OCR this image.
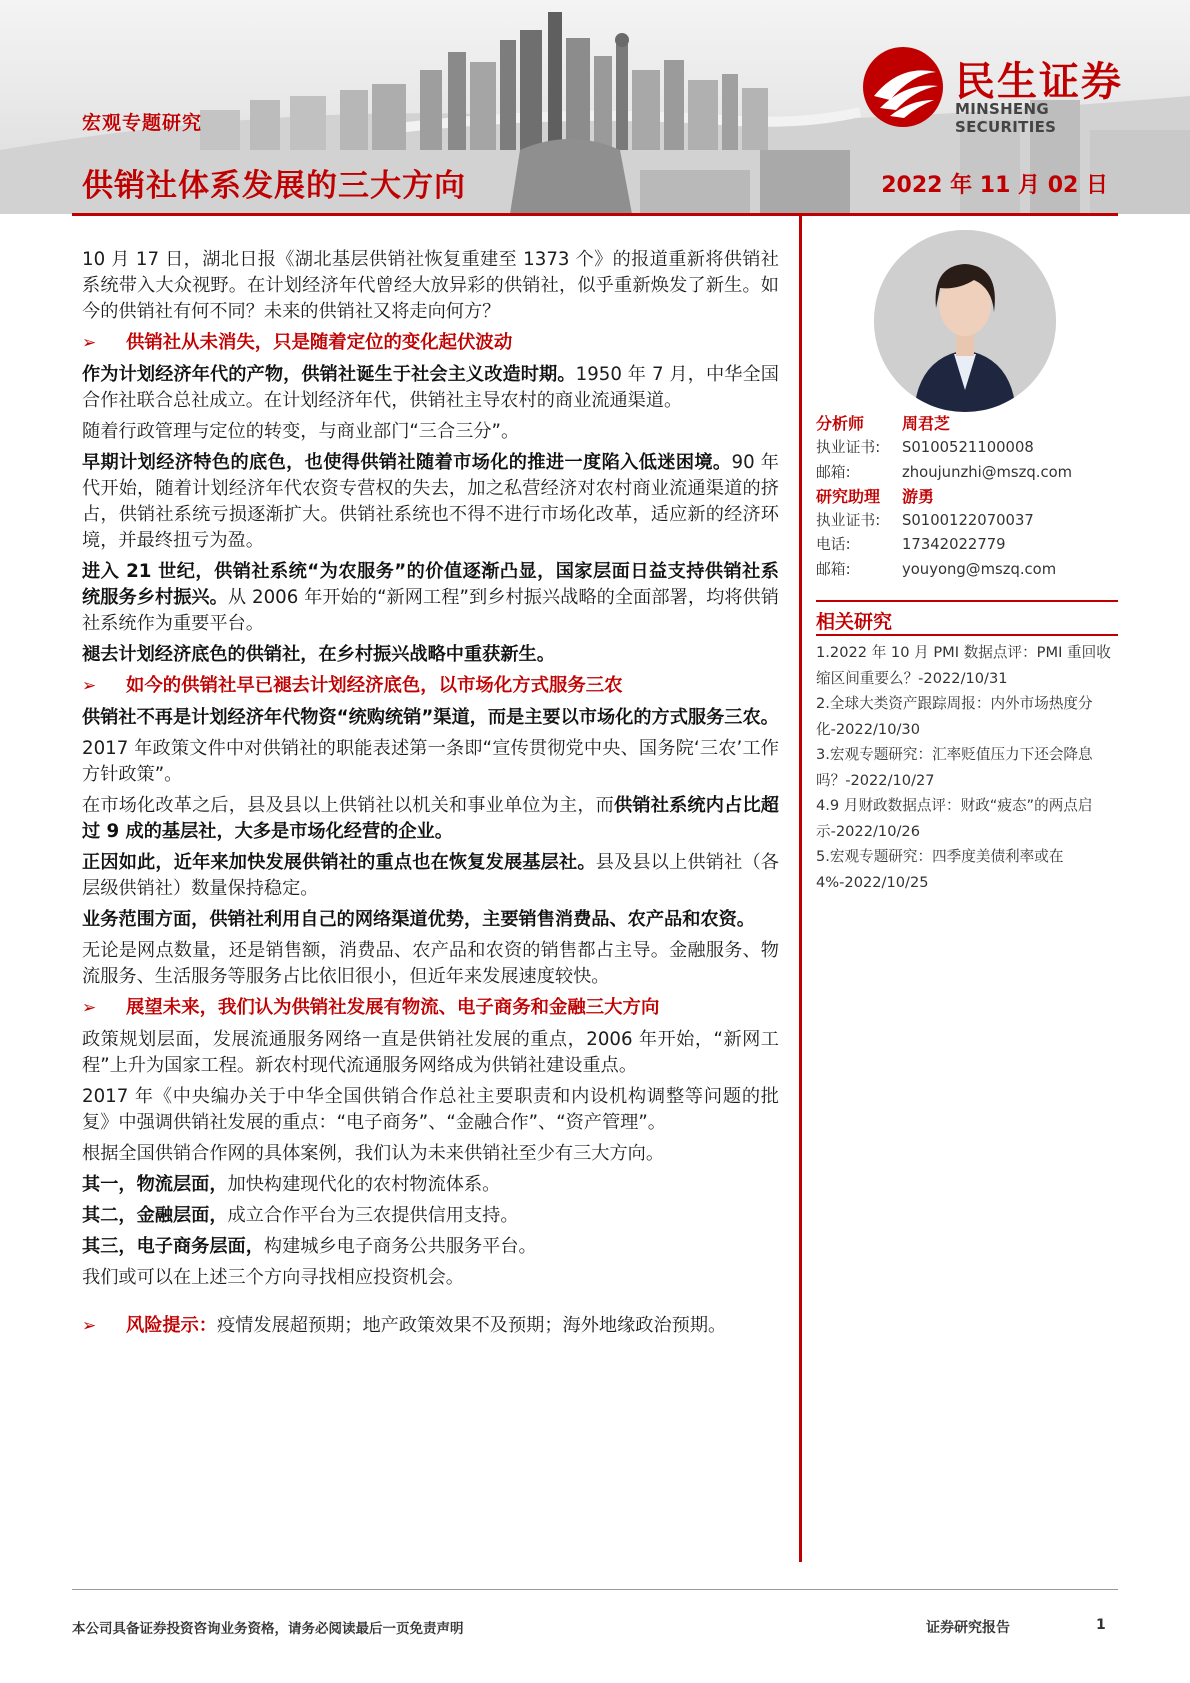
宏观专题研究
供销社体系发展的三大方向	2022 年 11 月 02 日
民生证券
MINSHENG SECURITIES

10 月 17 日，湖北日报《湖北基层供销社恢复重建至 1373 个》的报道重新将供销社系统带入大众视野。在计划经济年代曾经大放异彩的供销社，似乎重新焕发了新生。如今的供销社有何不同？未来的供销社又将走向何方？

➢	供销社从未消失，只是随着定位的变化起伏波动

作为计划经济年代的产物，供销社诞生于社会主义改造时期。1950 年 7 月，中华全国合作社联合总社成立。在计划经济年代，供销社主导农村的商业流通渠道。

随着行政管理与定位的转变，与商业部门“三合三分”。

早期计划经济特色的底色，也使得供销社随着市场化的推进一度陷入低迷困境。90 年代开始，随着计划经济年代农资专营权的失去，加之私营经济对农村商业流通渠道的挤占，供销社系统亏损逐渐扩大。供销社系统也不得不进行市场化改革，适应新的经济环境，并最终扭亏为盈。

进入 21 世纪，供销社系统“为农服务”的价值逐渐凸显，国家层面日益支持供销社系统服务乡村振兴。从 2006 年开始的“新网工程”到乡村振兴战略的全面部署，均将供销社系统作为重要平台。

褪去计划经济底色的供销社，在乡村振兴战略中重获新生。

➢	如今的供销社早已褪去计划经济底色，以市场化方式服务三农

供销社不再是计划经济年代物资“统购统销”渠道，而是主要以市场化的方式服务三农。

2017 年政策文件中对供销社的职能表述第一条即“宣传贯彻党中央、国务院‘三农’工作方针政策”。

在市场化改革之后，县及县以上供销社以机关和事业单位为主，而供销社系统内占比超过 9 成的基层社，大多是市场化经营的企业。

正因如此，近年来加快发展供销社的重点也在恢复发展基层社。县及县以上供销社（各层级供销社）数量保持稳定。

业务范围方面，供销社利用自己的网络渠道优势，主要销售消费品、农产品和农资。

无论是网点数量，还是销售额，消费品、农产品和农资的销售都占主导。金融服务、物流服务、生活服务等服务占比依旧很小，但近年来发展速度较快。

➢	展望未来，我们认为供销社发展有物流、电子商务和金融三大方向

政策规划层面，发展流通服务网络一直是供销社发展的重点，2006 年开始，“新网工程”上升为国家工程。新农村现代流通服务网络成为供销社建设重点。

2017 年《中央编办关于中华全国供销合作总社主要职责和内设机构调整等问题的批复》中强调供销社发展的重点：“电子商务”、“金融合作”、“资产管理”。

根据全国供销合作网的具体案例，我们认为未来供销社至少有三大方向。

其一，物流层面，加快构建现代化的农村物流体系。

其二，金融层面，成立合作平台为三农提供信用支持。

其三，电子商务层面，构建城乡电子商务公共服务平台。

我们或可以在上述三个方向寻找相应投资机会。

➢	风险提示： 疫情发展超预期；地产政策效果不及预期；海外地缘政治预期。
分析师	周君芝
执业证书:	S0100521100008
邮箱:	zhoujunzhi@mszq.com
研究助理	游勇
执业证书:	S0100122070037
电话:	17342022779
邮箱:	youyong@mszq.com
相关研究

1.2022 年 10 月 PMI 数据点评：PMI 重回收缩区间重要么？-2022/10/31

2.全球大类资产跟踪周报：内外市场热度分化-2022/10/30

3.宏观专题研究：汇率贬值压力下还会降息吗？-2022/10/27

4.9 月财政数据点评：财政“疲态”的两点启示-2022/10/26

5.宏观专题研究：四季度美债利率或在 4%-2022/10/25

本公司具备证券投资咨询业务资格，请务必阅读最后一页免责声明	证券研究报告	1
